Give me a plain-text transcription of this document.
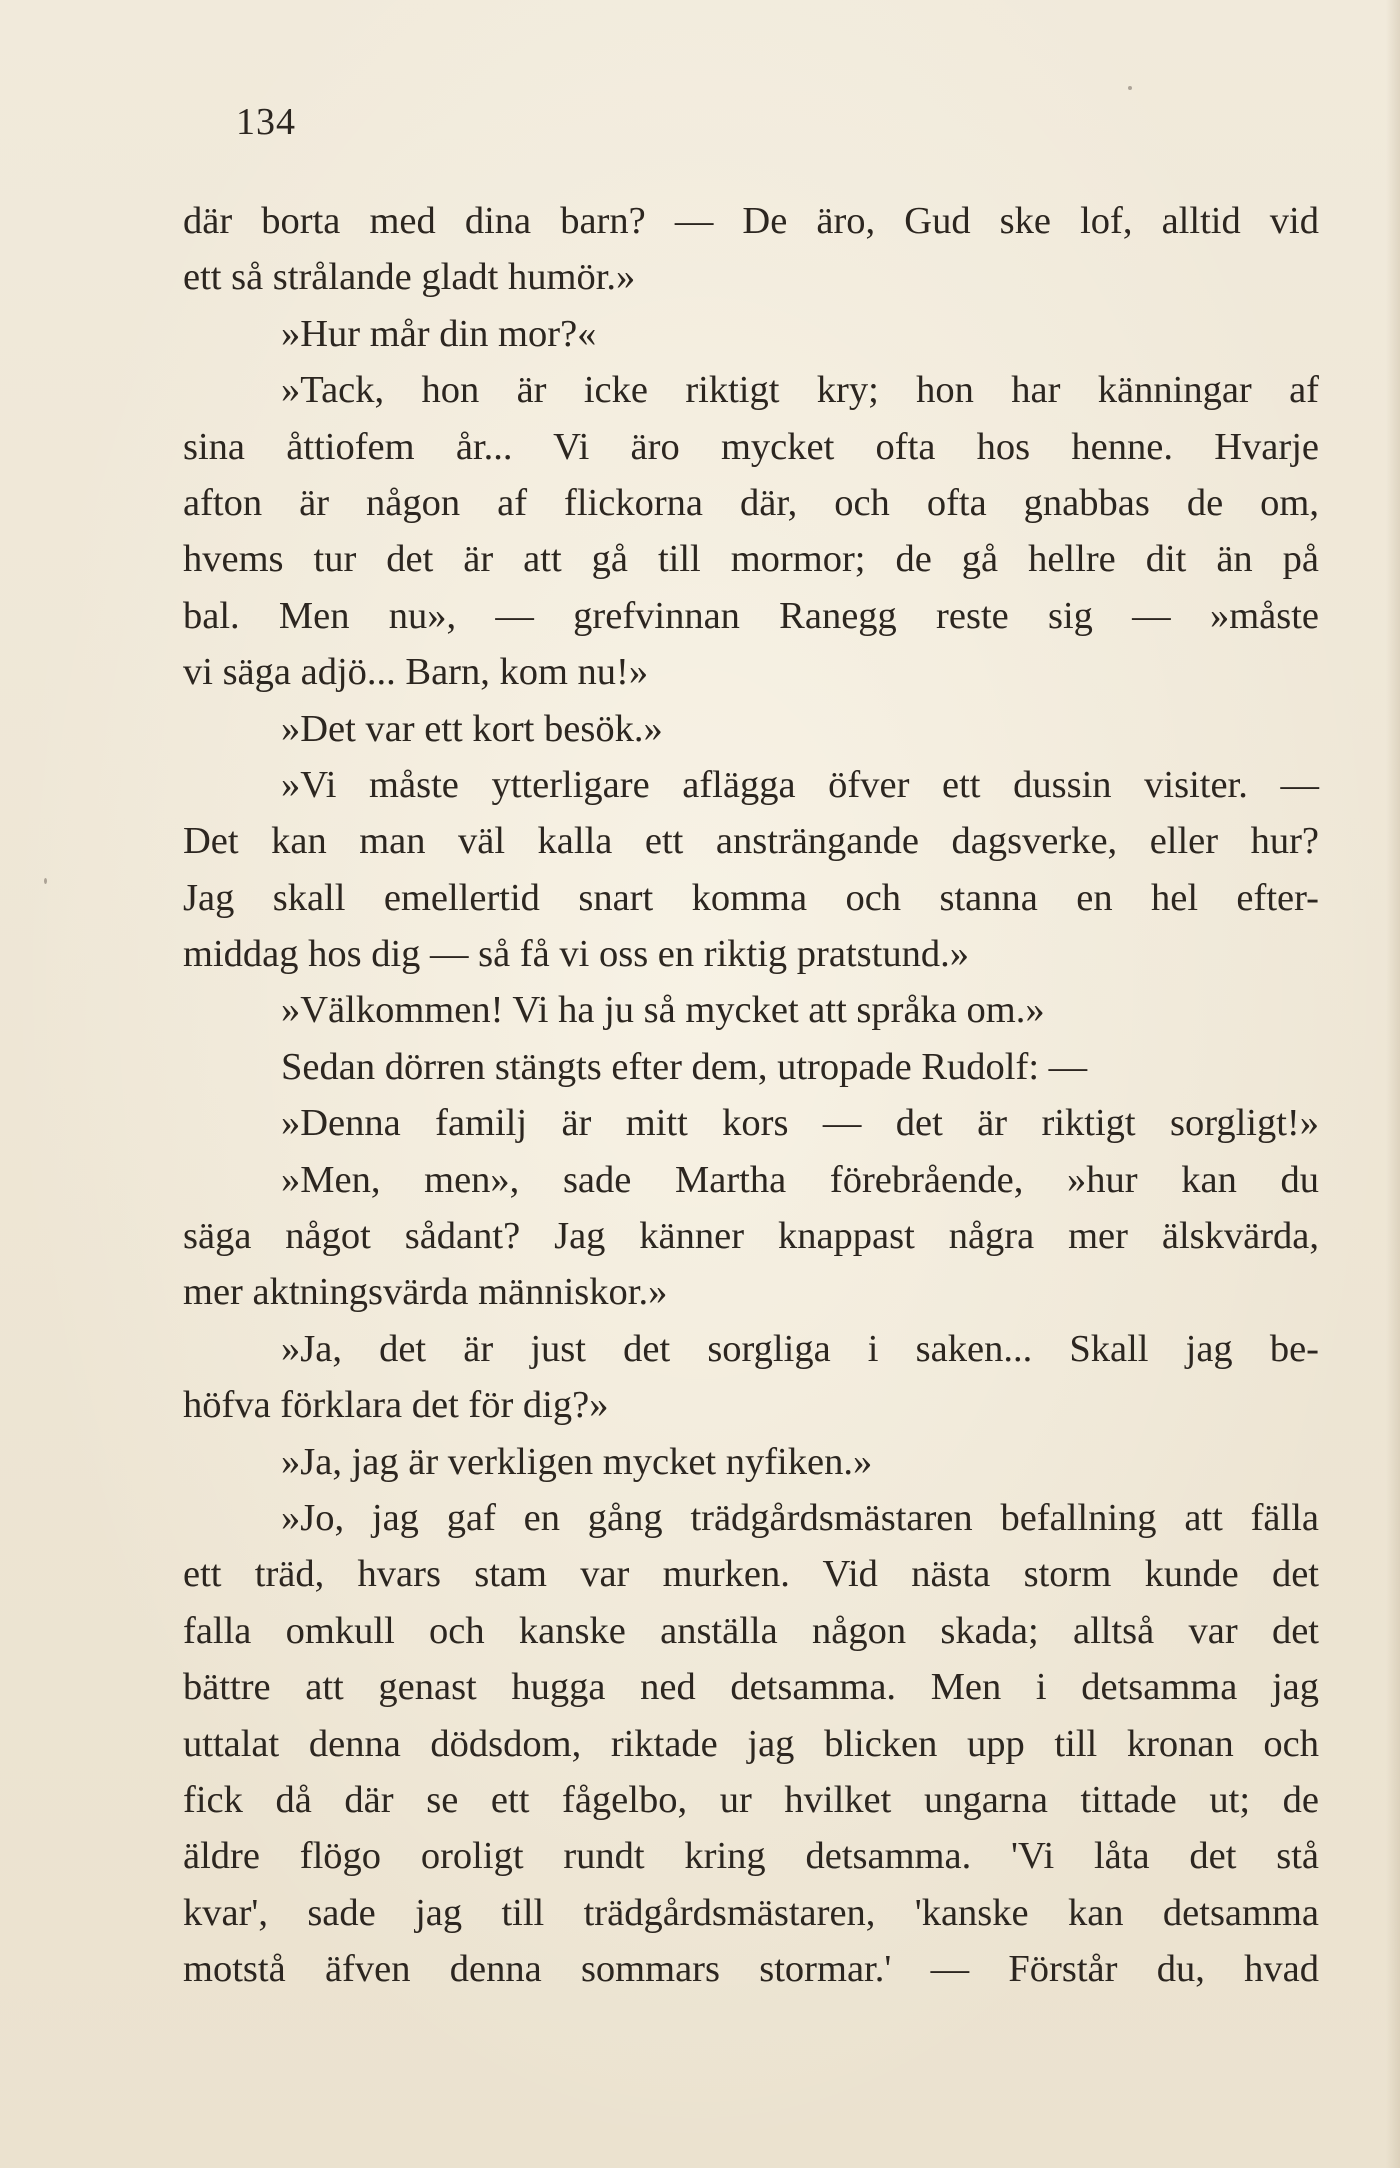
134
där borta med dina barn? — De äro, Gud ske lof, alltid vid
ett så strålande gladt humör.»
»Hur mår din mor?«
»Tack, hon är icke riktigt kry; hon har känningar af
sina åttiofem år... Vi äro mycket ofta hos henne. Hvarje
afton är någon af flickorna där, och ofta gnabbas de om,
hvems tur det är att gå till mormor; de gå hellre dit än på
bal. Men nu», — grefvinnan Ranegg reste sig — »måste
vi säga adjö... Barn, kom nu!»
»Det var ett kort besök.»
»Vi måste ytterligare aflägga öfver ett dussin visiter. —
Det kan man väl kalla ett ansträngande dagsverke, eller hur?
Jag skall emellertid snart komma och stanna en hel efter-
middag hos dig — så få vi oss en riktig pratstund.»
»Välkommen! Vi ha ju så mycket att språka om.»
Sedan dörren stängts efter dem, utropade Rudolf: —
»Denna familj är mitt kors — det är riktigt sorgligt!»
»Men, men», sade Martha förebrående, »hur kan du
säga något sådant? Jag känner knappast några mer älskvärda,
mer aktningsvärda människor.»
»Ja, det är just det sorgliga i saken... Skall jag be-
höfva förklara det för dig?»
»Ja, jag är verkligen mycket nyfiken.»
»Jo, jag gaf en gång trädgårdsmästaren befallning att fälla
ett träd, hvars stam var murken. Vid nästa storm kunde det
falla omkull och kanske anställa någon skada; alltså var det
bättre att genast hugga ned detsamma. Men i detsamma jag
uttalat denna dödsdom, riktade jag blicken upp till kronan och
fick då där se ett fågelbo, ur hvilket ungarna tittade ut; de
äldre flögo oroligt rundt kring detsamma. 'Vi låta det stå
kvar', sade jag till trädgårdsmästaren, 'kanske kan detsamma
motstå äfven denna sommars stormar.' — Förstår du, hvad
